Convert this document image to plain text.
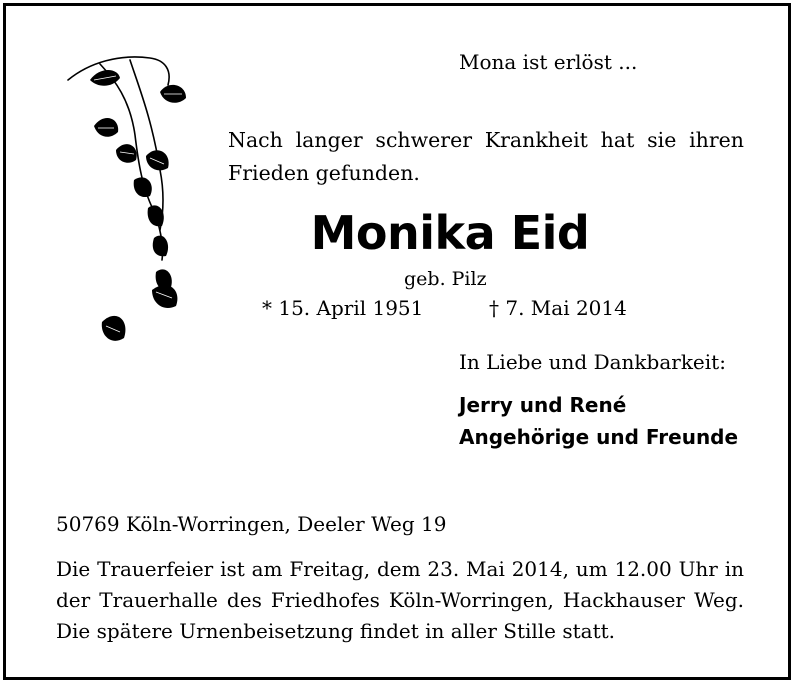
Mona ist erlöst ...
Nach langer schwerer Krankheit hat sie ihren Frieden gefunden.
Monika Eid
geb. Pilz
* 15. April 1951	† 7. Mai 2014
In Liebe und Dankbarkeit:
Jerry und René
Angehörige und Freunde
50769 Köln-Worringen, Deeler Weg 19
Die Trauerfeier ist am Freitag, dem 23. Mai 2014, um 12.00 Uhr in der Trauerhalle des Friedhofes Köln-Worringen, Hackhauser Weg. Die spätere Urnenbeisetzung findet in aller Stille statt.
